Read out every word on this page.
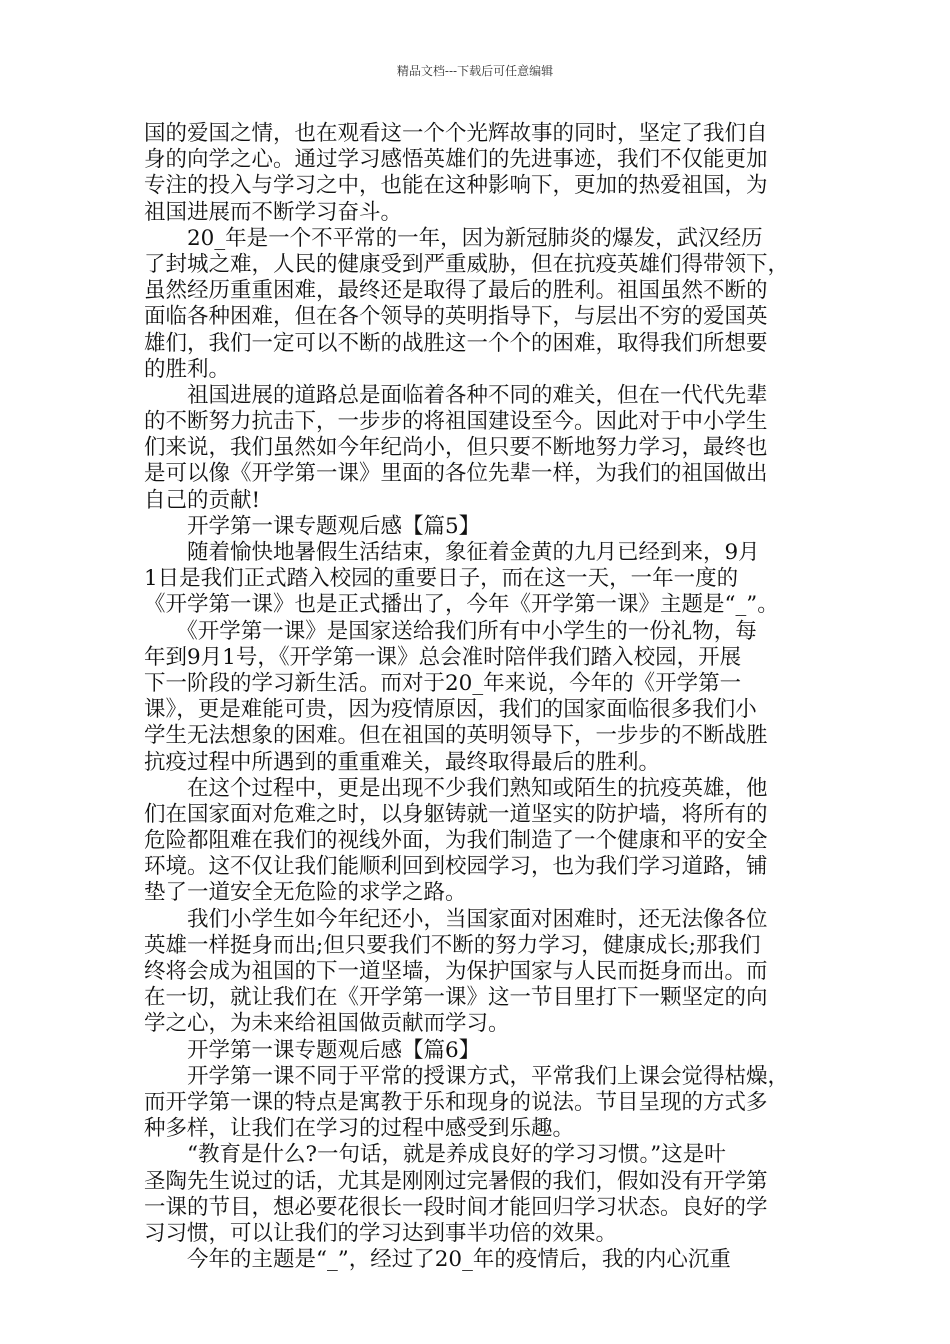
精品文档---下载后可任意编辑
国的爱国之情，也在观看这一个个光辉故事的同时，坚定了我们自
身的向学之心。通过学习感悟英雄们的先进事迹，我们不仅能更加
专注的投入与学习之中，也能在这种影响下，更加的热爱祖国，为
祖国进展而不断学习奋斗。
　　20_年是一个不平常的一年，因为新冠肺炎的爆发，武汉经历
了封城之难，人民的健康受到严重威胁，但在抗疫英雄们得带领下，
虽然经历重重困难，最终还是取得了最后的胜利。祖国虽然不断的
面临各种困难，但在各个领导的英明指导下，与层出不穷的爱国英
雄们，我们一定可以不断的战胜这一个个的困难，取得我们所想要
的胜利。
　　祖国进展的道路总是面临着各种不同的难关，但在一代代先辈
的不断努力抗击下，一步步的将祖国建设至今。因此对于中小学生
们来说，我们虽然如今年纪尚小，但只要不断地努力学习，最终也
是可以像《开学第一课》里面的各位先辈一样，为我们的祖国做出
自己的贡献!
　　开学第一课专题观后感【篇5】
　　随着愉快地暑假生活结束，象征着金黄的九月已经到来，9月
1日是我们正式踏入校园的重要日子，而在这一天，一年一度的
《开学第一课》也是正式播出了，今年《开学第一课》主题是“_”。
　　《开学第一课》是国家送给我们所有中小学生的一份礼物，每
年到9月1号，《开学第一课》总会准时陪伴我们踏入校园，开展
下一阶段的学习新生活。而对于20_年来说，今年的《开学第一
课》，更是难能可贵，因为疫情原因，我们的国家面临很多我们小
学生无法想象的困难。但在祖国的英明领导下，一步步的不断战胜
抗疫过程中所遇到的重重难关，最终取得最后的胜利。
　　在这个过程中，更是出现不少我们熟知或陌生的抗疫英雄，他
们在国家面对危难之时，以身躯铸就一道坚实的防护墙，将所有的
危险都阻难在我们的视线外面，为我们制造了一个健康和平的安全
环境。这不仅让我们能顺利回到校园学习，也为我们学习道路，铺
垫了一道安全无危险的求学之路。
　　我们小学生如今年纪还小，当国家面对困难时，还无法像各位
英雄一样挺身而出;但只要我们不断的努力学习，健康成长;那我们
终将会成为祖国的下一道坚墙，为保护国家与人民而挺身而出。而
在一切，就让我们在《开学第一课》这一节目里打下一颗坚定的向
学之心，为未来给祖国做贡献而学习。
　　开学第一课专题观后感【篇6】
　　开学第一课不同于平常的授课方式，平常我们上课会觉得枯燥，
而开学第一课的特点是寓教于乐和现身的说法。节目呈现的方式多
种多样，让我们在学习的过程中感受到乐趣。
　　“教育是什么?一句话，就是养成良好的学习习惯。”这是叶
圣陶先生说过的话，尤其是刚刚过完暑假的我们，假如没有开学第
一课的节目，想必要花很长一段时间才能回归学习状态。良好的学
习习惯，可以让我们的学习达到事半功倍的效果。
　　今年的主题是“_”，经过了20_年的疫情后，我的内心沉重
